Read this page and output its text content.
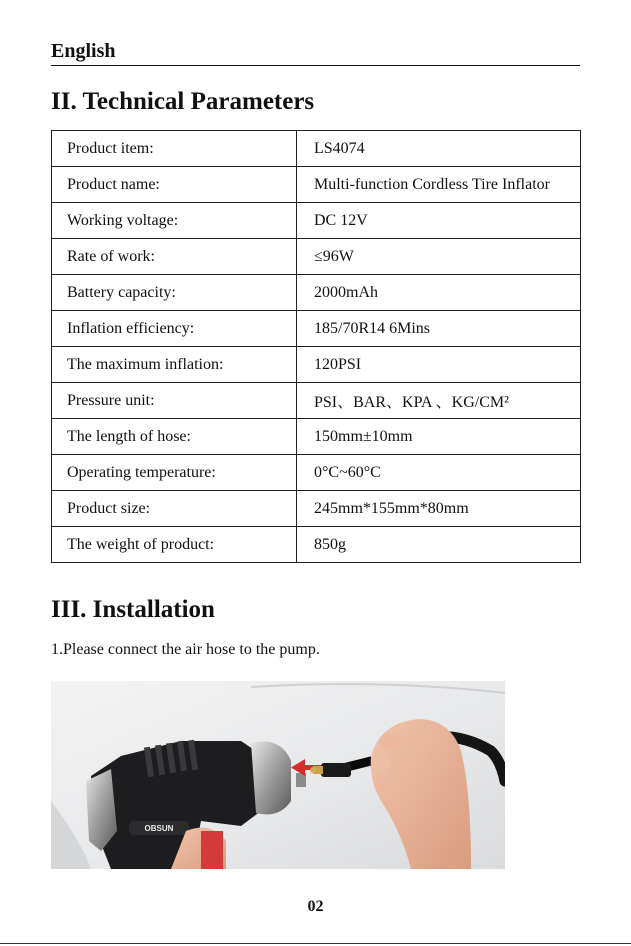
English
II. Technical Parameters
Product item:	LS4074
Product name:	Multi-function Cordless Tire Inflator
Working voltage:	DC 12V
Rate of work:	≤96W
Battery capacity:	2000mAh
Inflation efficiency:	185/70R14 6Mins
The maximum inflation:	120PSI
Pressure unit:	PSI、BAR、KPA 、KG/CM²
The length of hose:	150mm±10mm
Operating temperature:	0°C~60°C
Product size:	245mm*155mm*80mm
The weight of product:	850g
III. Installation
1.Please connect the air hose to the pump.
OBSUN
02
